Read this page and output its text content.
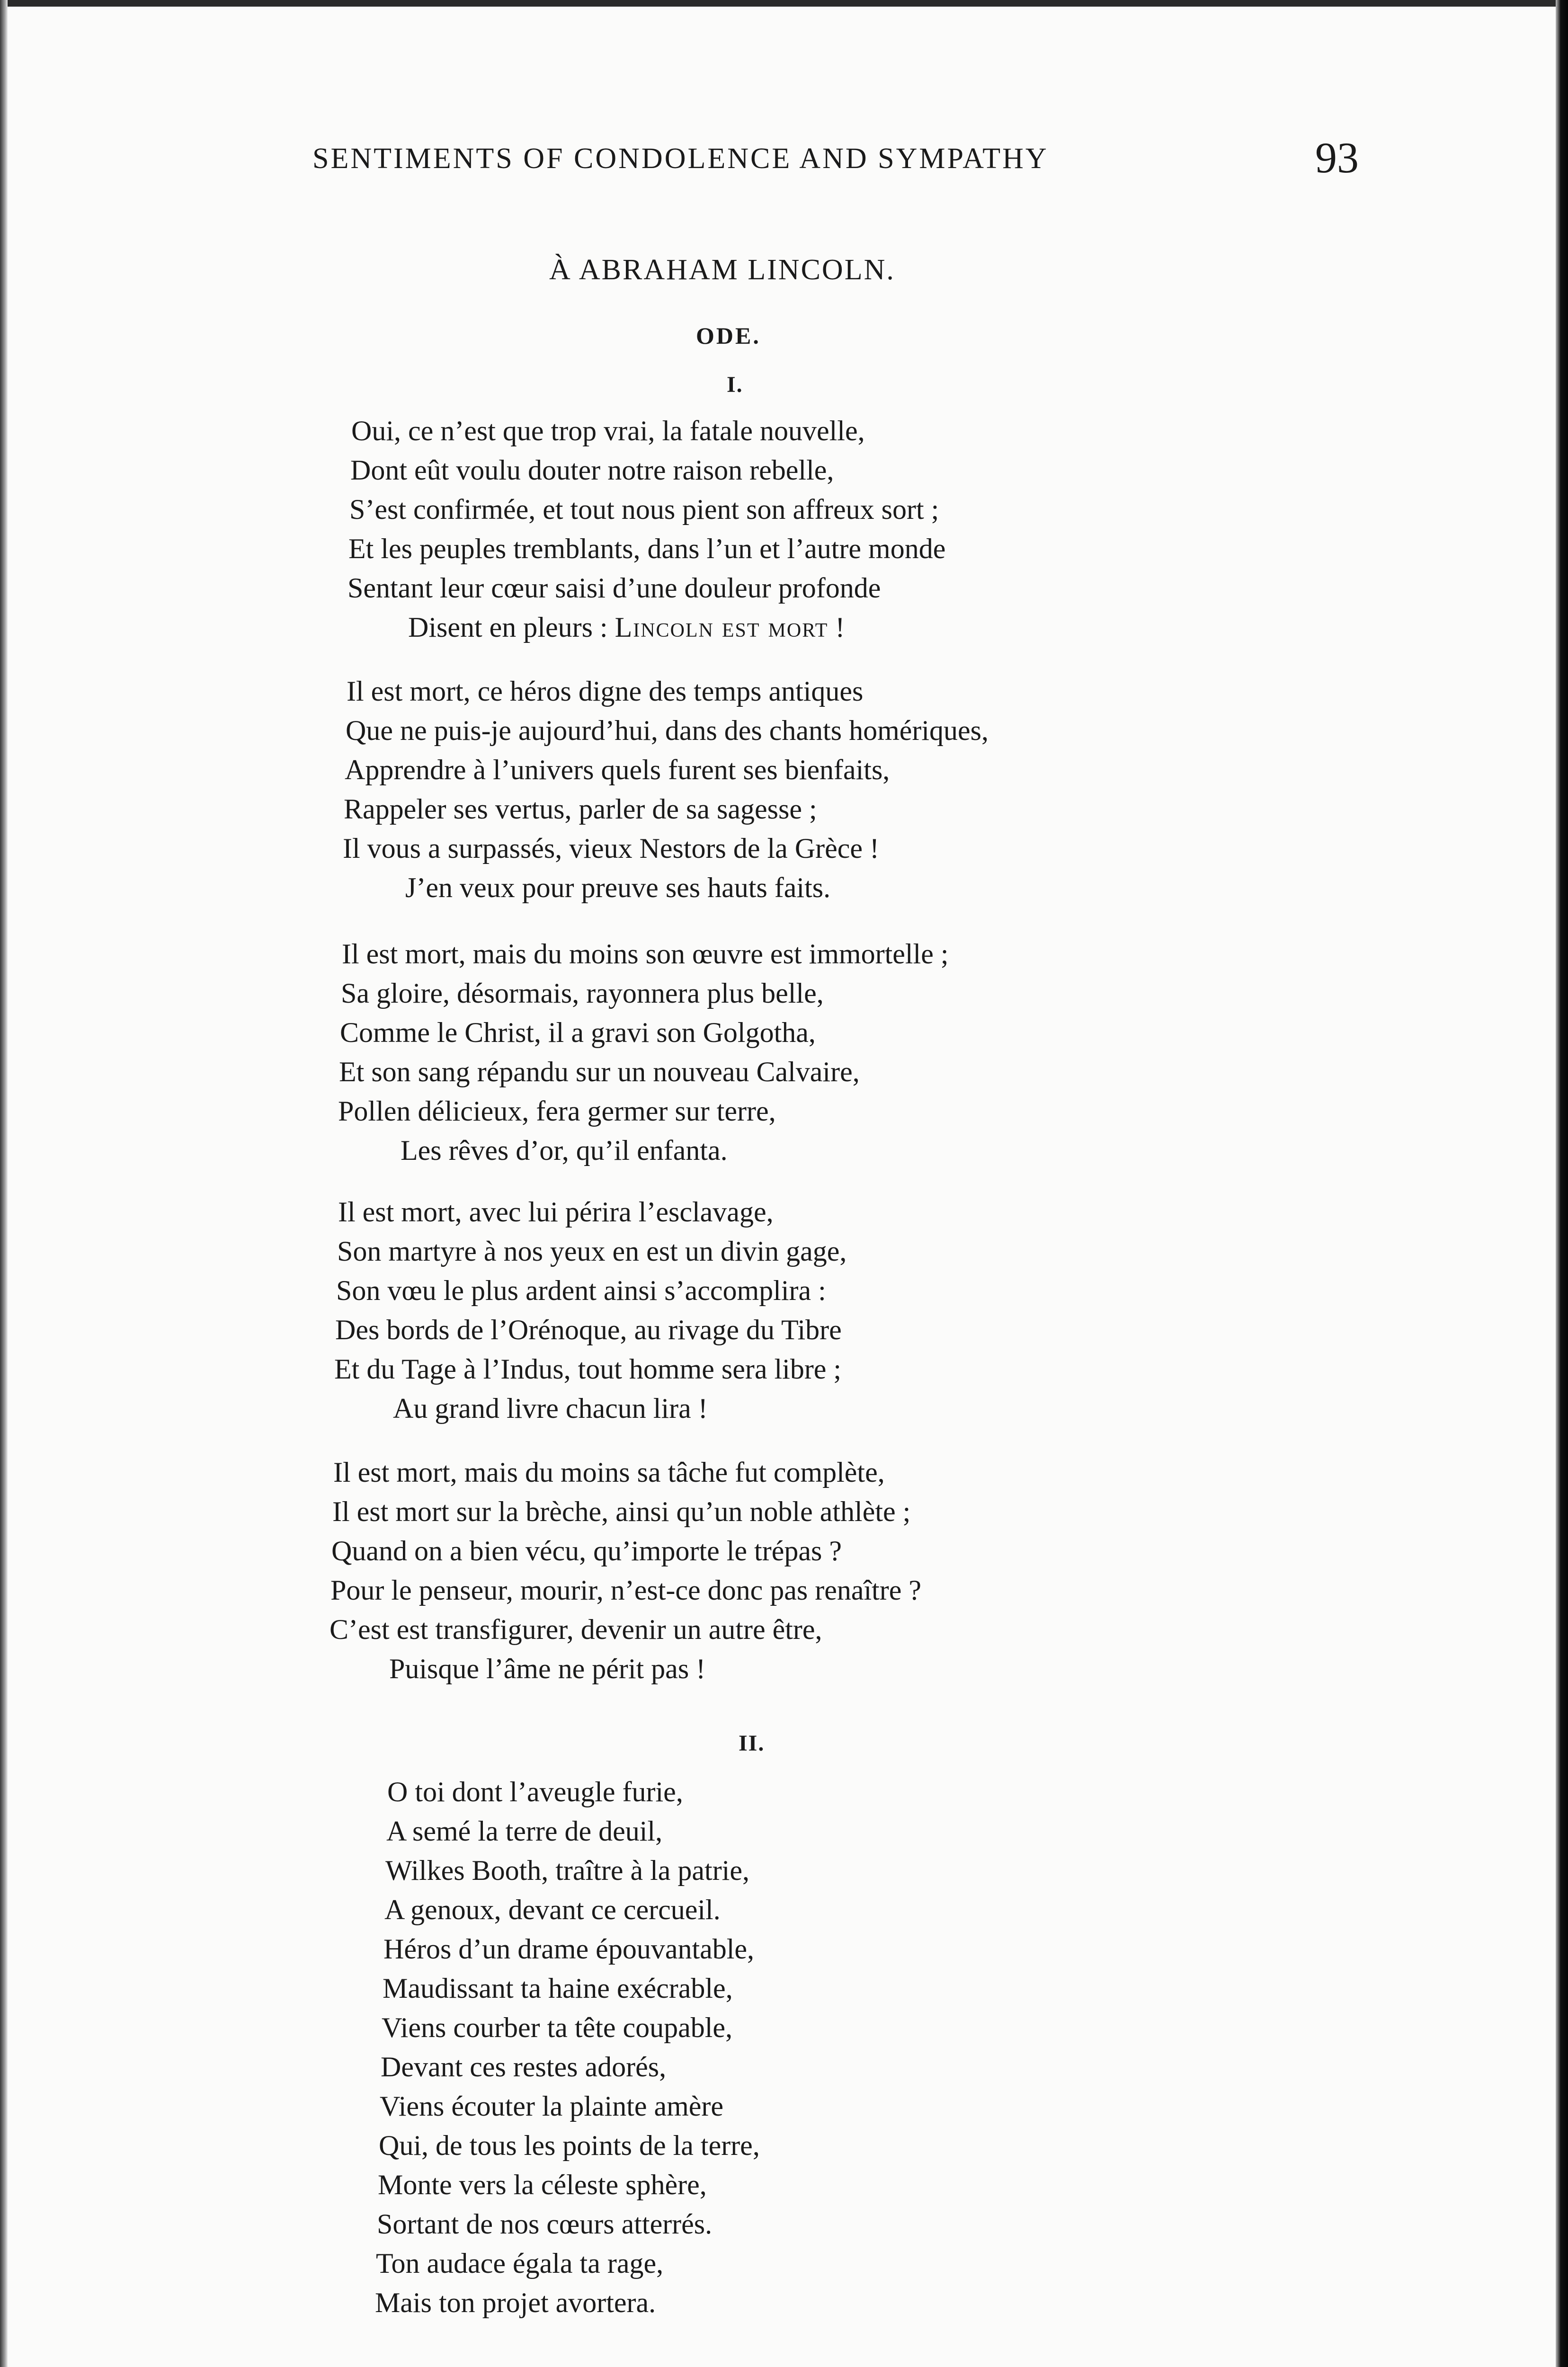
SENTIMENTS OF CONDOLENCE AND SYMPATHY	93
À ABRAHAM LINCOLN.
ODE.
I.
Oui, ce n’est que trop vrai, la fatale nouvelle,
Dont eût voulu douter notre raison rebelle,
S’est confirmée, et tout nous pient son affreux sort ;
Et les peuples tremblants, dans l’un et l’autre monde
Sentant leur cœur saisi d’une douleur profonde
Disent en pleurs : Lincoln est mort !
Il est mort, ce héros digne des temps antiques
Que ne puis-je aujourd’hui, dans des chants homériques,
Apprendre à l’univers quels furent ses bienfaits,
Rappeler ses vertus, parler de sa sagesse ;
Il vous a surpassés, vieux Nestors de la Grèce !
J’en veux pour preuve ses hauts faits.
Il est mort, mais du moins son œuvre est immortelle ;
Sa gloire, désormais, rayonnera plus belle,
Comme le Christ, il a gravi son Golgotha,
Et son sang répandu sur un nouveau Calvaire,
Pollen délicieux, fera germer sur terre,
Les rêves d’or, qu’il enfanta.
Il est mort, avec lui périra l’esclavage,
Son martyre à nos yeux en est un divin gage,
Son vœu le plus ardent ainsi s’accomplira :
Des bords de l’Orénoque, au rivage du Tibre
Et du Tage à l’Indus, tout homme sera libre ;
Au grand livre chacun lira !
Il est mort, mais du moins sa tâche fut complète,
Il est mort sur la brèche, ainsi qu’un noble athlète ;
Quand on a bien vécu, qu’importe le trépas ?
Pour le penseur, mourir, n’est-ce donc pas renaître ?
C’est est transfigurer, devenir un autre être,
Puisque l’âme ne périt pas !
II.
O toi dont l’aveugle furie,
A semé la terre de deuil,
Wilkes Booth, traître à la patrie,
A genoux, devant ce cercueil.
Héros d’un drame épouvantable,
Maudissant ta haine exécrable,
Viens courber ta tête coupable,
Devant ces restes adorés,
Viens écouter la plainte amère
Qui, de tous les points de la terre,
Monte vers la céleste sphère,
Sortant de nos cœurs atterrés.
Ton audace égala ta rage,
Mais ton projet avortera.
